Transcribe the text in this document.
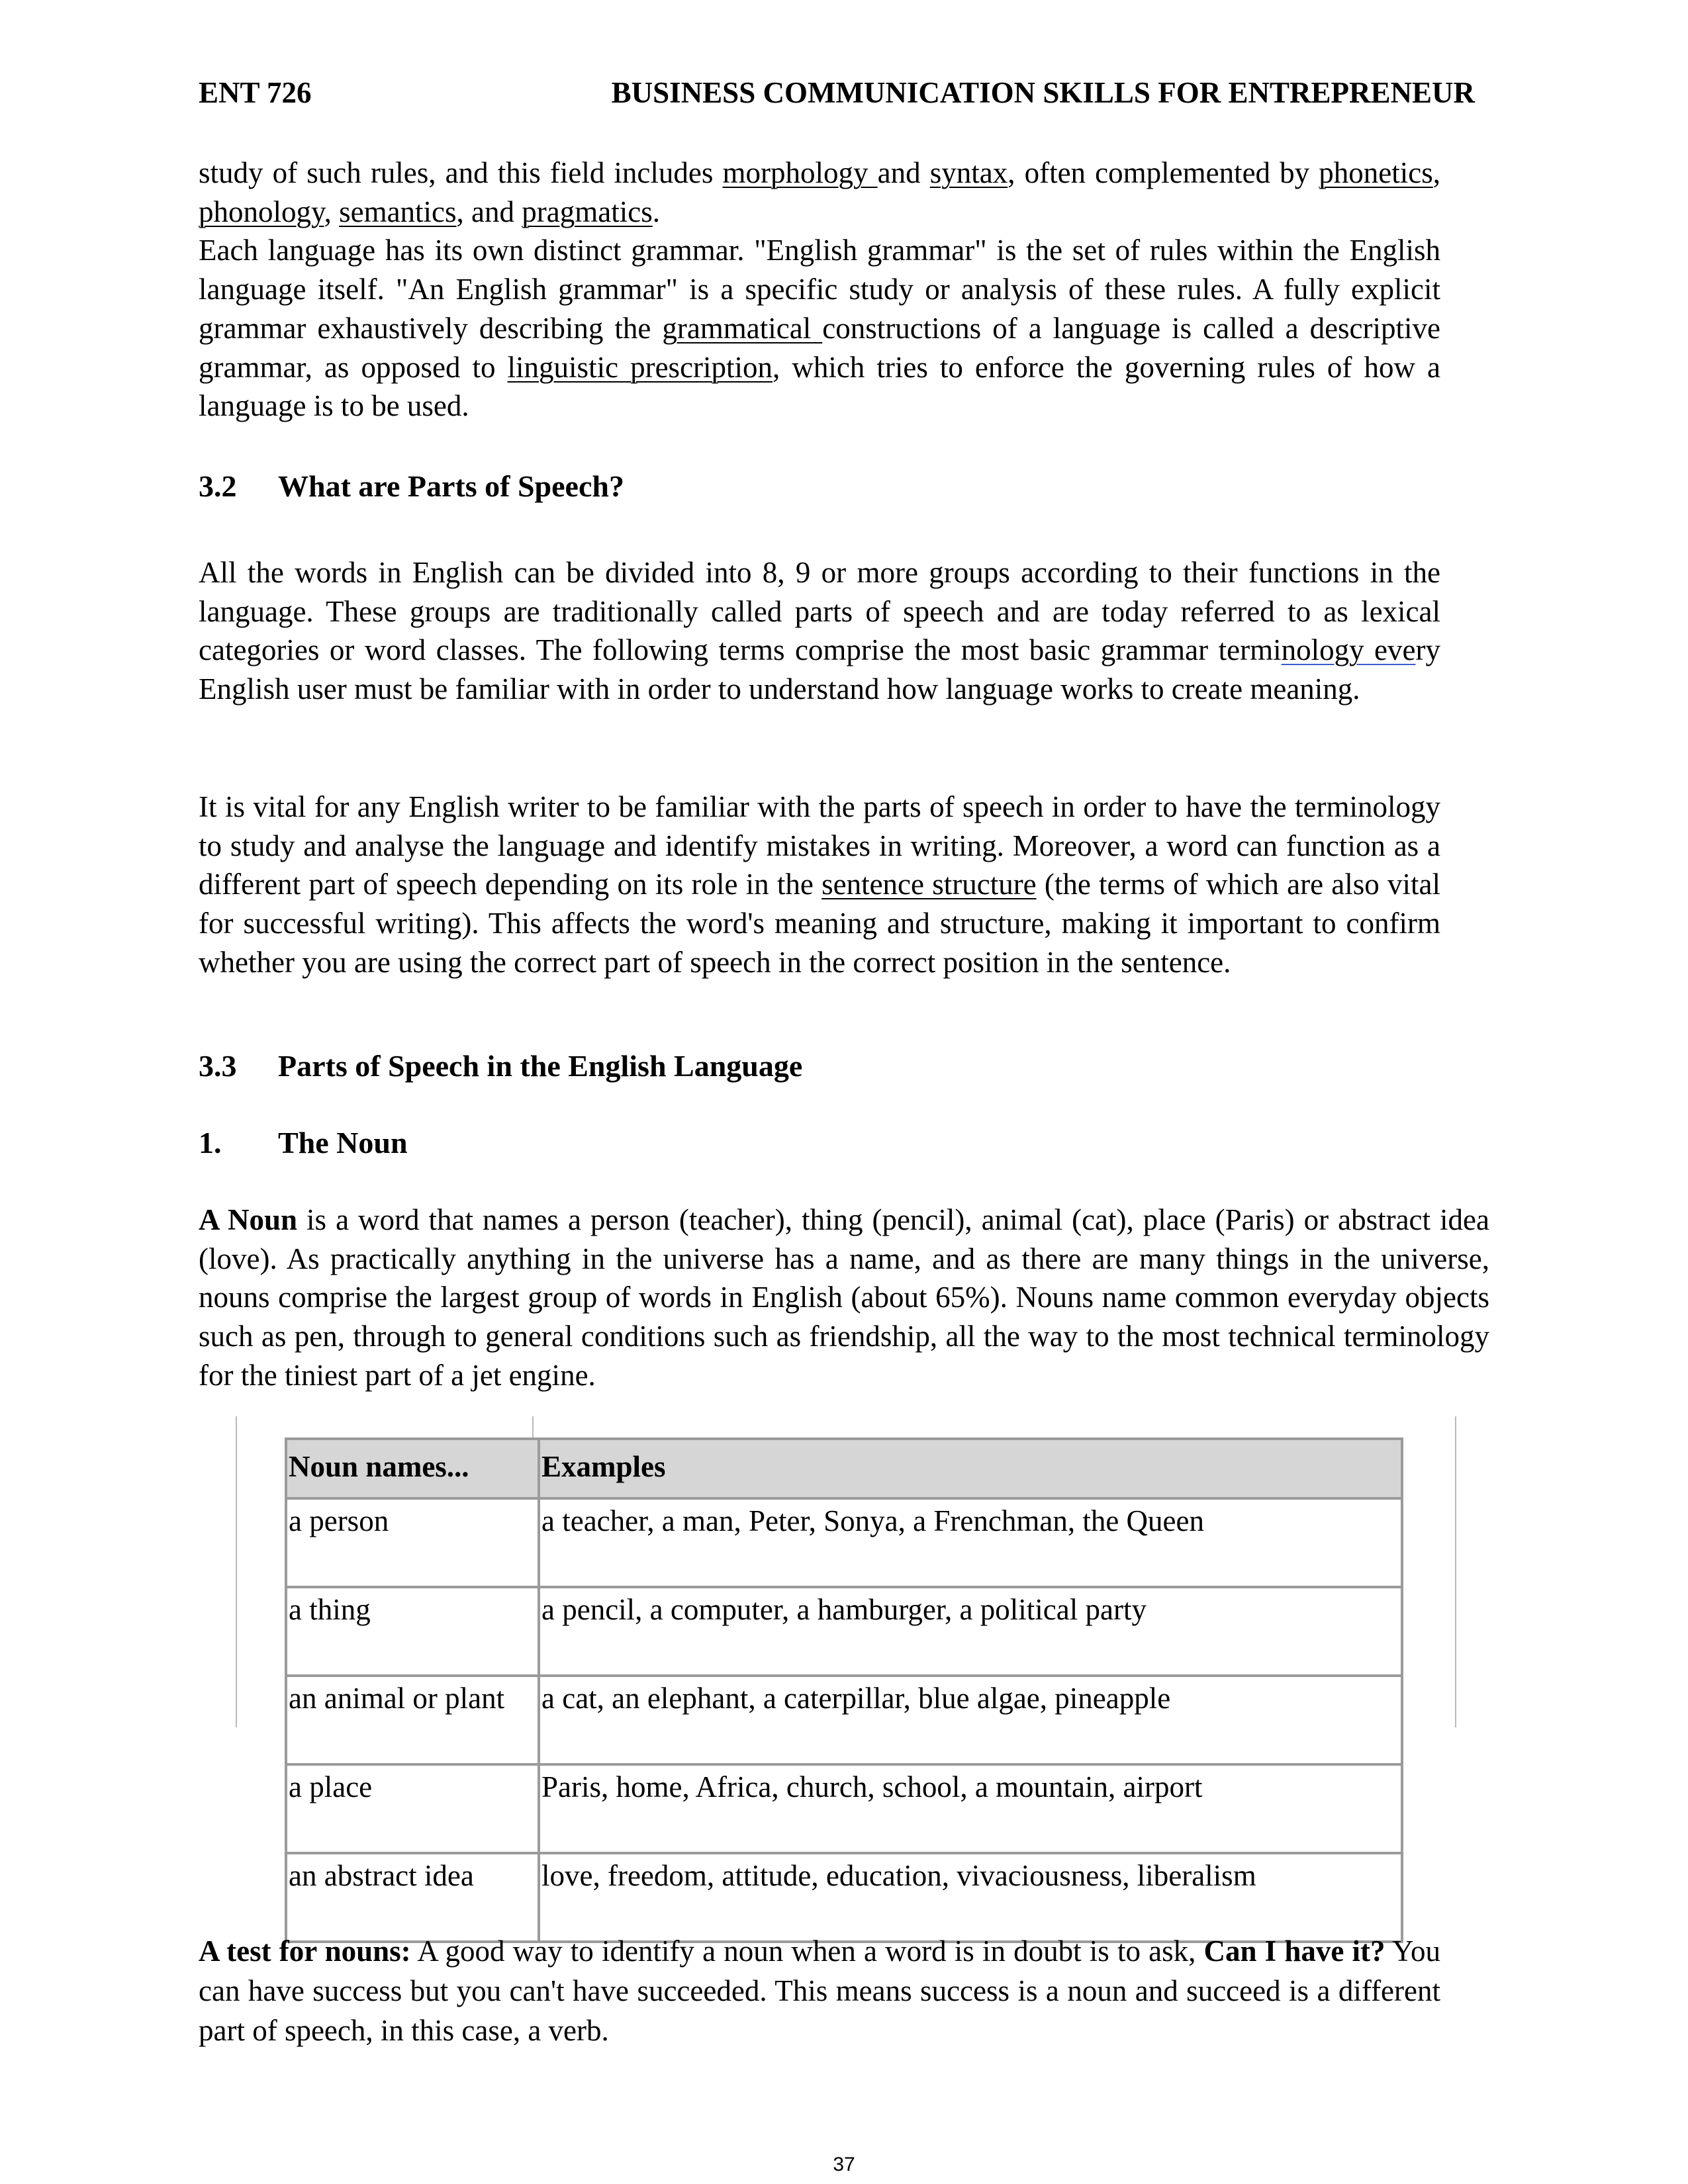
ENT 726	BUSINESS COMMUNICATION SKILLS FOR ENTREPRENEUR
study of such rules, and this field includes morphology and syntax, often complemented by phonetics, phonology, semantics, and pragmatics.
Each language has its own distinct grammar. "English grammar" is the set of rules within the English language itself. "An English grammar" is a specific study or analysis of these rules. A fully explicit grammar exhaustively describing the grammatical constructions of a language is called a descriptive grammar, as opposed to linguistic prescription, which tries to enforce the governing rules of how a language is to be used.
3.2 What are Parts of Speech?
All the words in English can be divided into 8, 9 or more groups according to their functions in the language. These groups are traditionally called parts of speech and are today referred to as lexical categories or word classes. The following terms comprise the most basic grammar terminology every English user must be familiar with in order to understand how language works to create meaning.
It is vital for any English writer to be familiar with the parts of speech in order to have the terminology to study and analyse the language and identify mistakes in writing. Moreover, a word can function as a different part of speech depending on its role in the sentence structure (the terms of which are also vital for successful writing). This affects the word's meaning and structure, making it important to confirm whether you are using the correct part of speech in the correct position in the sentence.
3.3 Parts of Speech in the English Language
1. The Noun
A Noun is a word that names a person (teacher), thing (pencil), animal (cat), place (Paris) or abstract idea (love). As practically anything in the universe has a name, and as there are many things in the universe, nouns comprise the largest group of words in English (about 65%). Nouns name common everyday objects such as pen, through to general conditions such as friendship, all the way to the most technical terminology for the tiniest part of a jet engine.
Noun names...	Examples
a person	a teacher, a man, Peter, Sonya, a Frenchman, the Queen
a thing	a pencil, a computer, a hamburger, a political party
an animal or plant	a cat, an elephant, a caterpillar, blue algae, pineapple
a place	Paris, home, Africa, church, school, a mountain, airport
an abstract idea	love, freedom, attitude, education, vivaciousness, liberalism
A test for nouns: A good way to identify a noun when a word is in doubt is to ask, Can I have it? You can have success but you can't have succeeded. This means success is a noun and succeed is a different part of speech, in this case, a verb.
37
